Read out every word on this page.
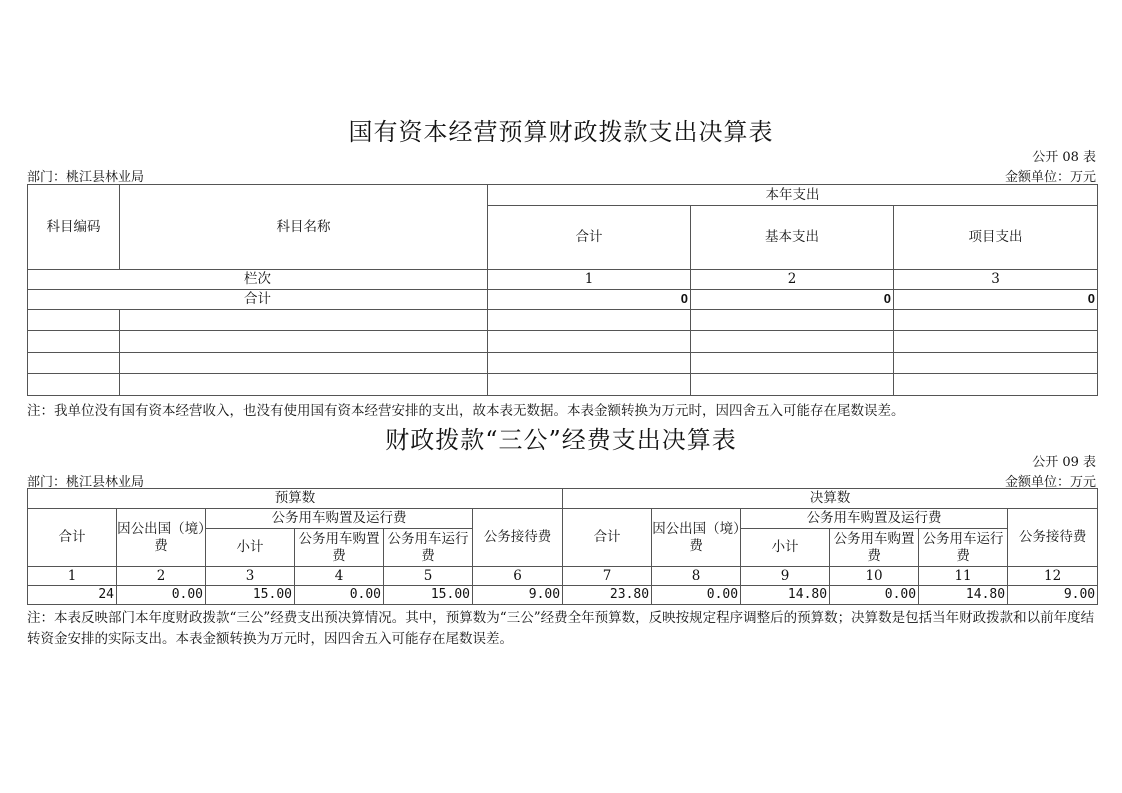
国有资本经营预算财政拨款支出决算表
公开 08 表
部门：桃江县林业局	金额单位：万元
科目编码	科目名称	本年支出		
		合计	基本支出	项目支出
栏次		1	2	3
合计		0	0	0

注：我单位没有国有资本经营收入，也没有使用国有资本经营安排的支出，故本表无数据。本表金额转换为万元时，因四舍五入可能存在尾数误差。
财政拨款“三公”经费支出决算表
公开 09 表
部门：桃江县林业局	金额单位：万元
预算数						决算数					
合计	因公出国（境）费	公务用车购置及运行费			公务接待费	合计	因公出国（境）费	公务用车购置及运行费			公务接待费
		小计	公务用车购置费	公务用车运行费				小计	公务用车购置费	公务用车运行费	
1	2	3	4	5	6	7	8	9	10	11	12
24	0.00	15.00	0.00	15.00	9.00	23.80	0.00	14.80	0.00	14.80	9.00
注：本表反映部门本年度财政拨款“三公”经费支出预决算情况。其中，预算数为“三公”经费全年预算数，反映按规定程序调整后的预算数；决算数是包括当年财政拨款和以前年度结转资金安排的实际支出。本表金额转换为万元时，因四舍五入可能存在尾数误差。
